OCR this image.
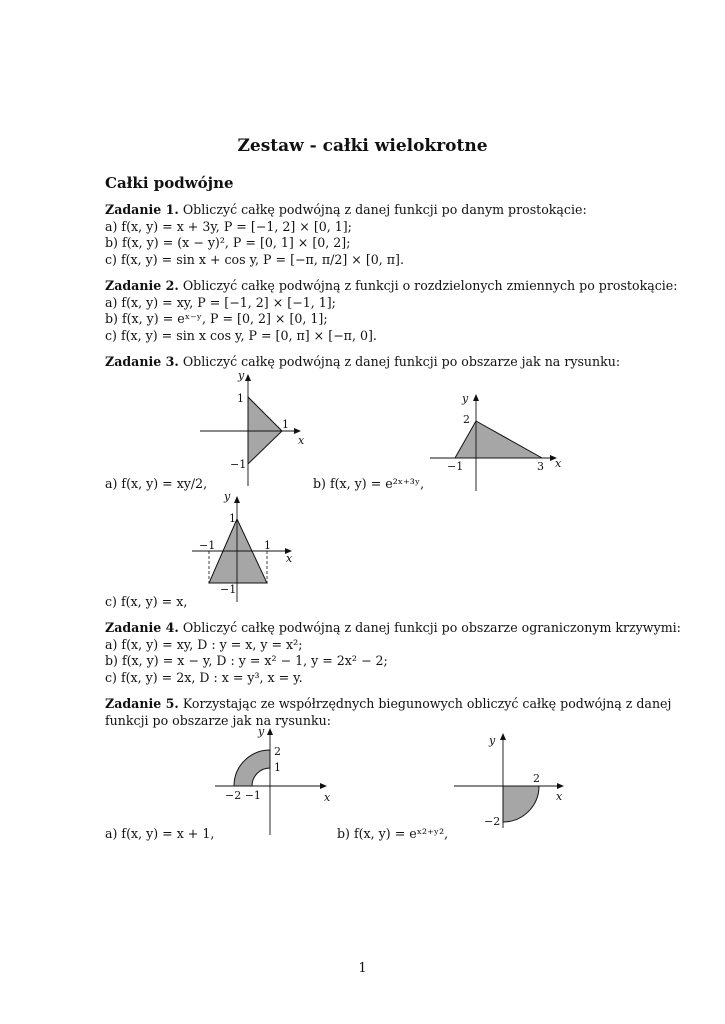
Zestaw - całki wielokrotne
Całki podwójne
Zadanie 1. Obliczyć całkę podwójną z danej funkcji po danym prostokącie:
a) f(x, y) = x + 3y, P = [−1, 2] × [0, 1];
b) f(x, y) = (x − y)², P = [0, 1] × [0, 2];
c) f(x, y) = sin x + cos y, P = [−π, π/2] × [0, π].
Zadanie 2. Obliczyć całkę podwójną z funkcji o rozdzielonych zmiennych po prostokącie:
a) f(x, y) = xy, P = [−1, 2] × [−1, 1];
b) f(x, y) = eˣ⁻ʸ, P = [0, 2] × [0, 1];
c) f(x, y) = sin x cos y, P = [0, π] × [−π, 0].
Zadanie 3. Obliczyć całkę podwójną z danej funkcji po obszarze jak na rysunku:
y
x
1
−1
1
a) f(x, y) = xy/2,
y
x
2
−1	3
b) f(x, y) = e²ˣ⁺³ʸ,
y
x
1
−1	1
−1
c) f(x, y) = x,
Zadanie 4. Obliczyć całkę podwójną z danej funkcji po obszarze ograniczonym krzywymi:
a) f(x, y) = xy, D : y = x, y = x²;
b) f(x, y) = x − y, D : y = x² − 1, y = 2x² − 2;
c) f(x, y) = 2x, D : x = y³, x = y.
Zadanie 5. Korzystając ze współrzędnych biegunowych obliczyć całkę podwójną z danej
funkcji po obszarze jak na rysunku:
y
x
2
1
−2 −1
a) f(x, y) = x + 1,
y
x
2
−2
b) f(x, y) = eˣ²⁺ʸ²,
1
